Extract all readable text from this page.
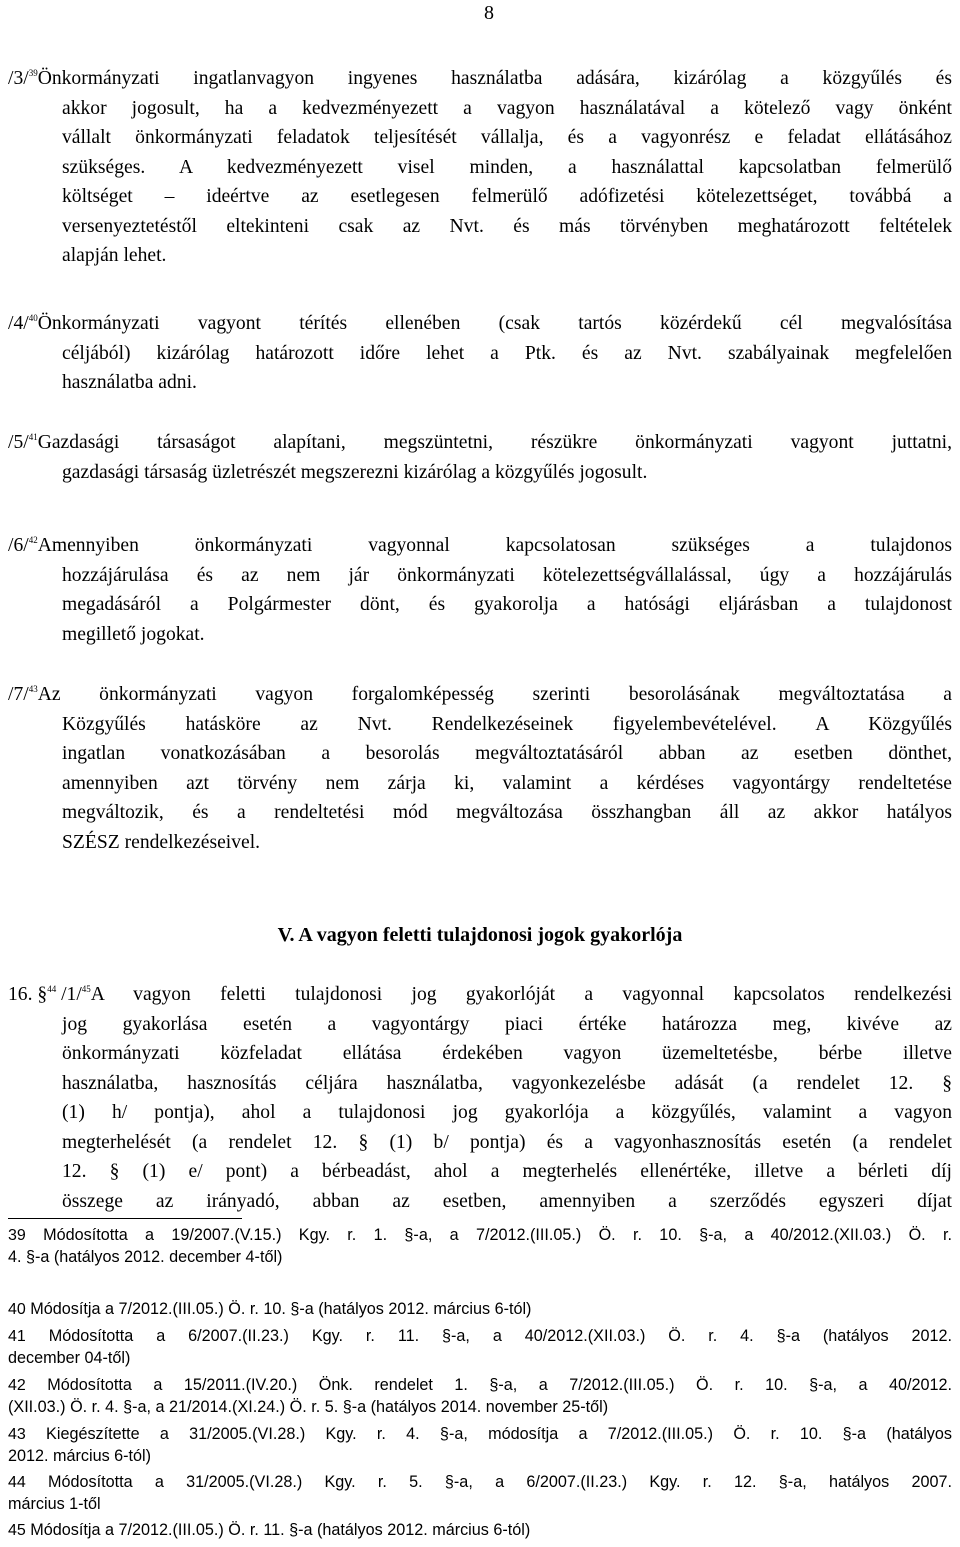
8
/3/$^{39}$ Önkormányzati ingatlanvagyon ingyenes használatba adására, kizárólag a közgyűlés és
akkor jogosult, ha a kedvezményezett a vagyon használatával a kötelező vagy önként
vállalt önkormányzati feladatok teljesítését vállalja, és a vagyonrész e feladat ellátásához
szükséges. A kedvezményezett visel minden, a használattal kapcsolatban felmerülő
költséget – ideértve az esetlegesen felmerülő adófizetési kötelezettséget, továbbá a
versenyeztetéstől eltekinteni csak az Nvt. és más törvényben meghatározott feltételek
alapján lehet.
/4/$^{40}$ Önkormányzati vagyont térítés ellenében (csak tartós közérdekű cél megvalósítása
céljából) kizárólag határozott időre lehet a Ptk. és az Nvt. szabályainak megfelelően
használatba adni.
/5/$^{41}$ Gazdasági társaságot alapítani, megszüntetni, részükre önkormányzati vagyont juttatni,
gazdasági társaság üzletrészét megszerezni kizárólag a közgyűlés jogosult.
/6/$^{42}$ Amennyiben önkormányzati vagyonnal kapcsolatosan szükséges a tulajdonos
hozzájárulása és az nem jár önkormányzati kötelezettségvállalással, úgy a hozzájárulás
megadásáról a Polgármester dönt, és gyakorolja a hatósági eljárásban a tulajdonost
megillető jogokat.
/7/$^{43}$ Az önkormányzati vagyon forgalomképesség szerinti besorolásának megváltoztatása a
Közgyűlés hatásköre az Nvt. Rendelkezéseinek figyelembevételével. A Közgyűlés
ingatlan vonatkozásában a besorolás megváltoztatásáról abban az esetben dönthet,
amennyiben azt törvény nem zárja ki, valamint a kérdéses vagyontárgy rendeltetése
megváltozik, és a rendeltetési mód megváltozása összhangban áll az akkor hatályos
SZÉSZ rendelkezéseivel.
V. A vagyon feletti tulajdonosi jogok gyakorlója
16. §$^{44}$ /1/$^{45}$ A vagyon feletti tulajdonosi jog gyakorlóját a vagyonnal kapcsolatos rendelkezési
jog gyakorlása esetén a vagyontárgy piaci értéke határozza meg, kivéve az
önkormányzati közfeladat ellátása érdekében vagyon üzemeltetésbe, bérbe illetve
használatba, hasznosítás céljára használatba, vagyonkezelésbe adását (a rendelet 12. §
(1) h/ pontja), ahol a tulajdonosi jog gyakorlója a közgyűlés, valamint a vagyon
megterhelését (a rendelet 12. § (1) b/ pontja) és a vagyonhasznosítás esetén (a rendelet
12. § (1) e/ pont) a bérbeadást, ahol a megterhelés ellenértéke, illetve a bérleti díj
összege az irányadó, abban az esetben, amennyiben a szerződés egyszeri díjat
39 Módosította a 19/2007.(V.15.) Kgy. r. 1. §-a, a 7/2012.(III.05.) Ö. r. 10. §-a, a 40/2012.(XII.03.) Ö. r.
4. §-a (hatályos 2012. december 4-től)
40 Módosítja a 7/2012.(III.05.) Ö. r. 10. §-a (hatályos 2012. március 6-tól)
41 Módosította a 6/2007.(II.23.) Kgy. r. 11. §-a, a 40/2012.(XII.03.) Ö. r. 4. §-a (hatályos 2012.
december 04-től)
42 Módosította a 15/2011.(IV.20.) Önk. rendelet 1. §-a, a 7/2012.(III.05.) Ö. r. 10. §-a, a 40/2012.
(XII.03.) Ö. r. 4. §-a, a 21/2014.(XI.24.) Ö. r. 5. §-a (hatályos 2014. november 25-től)
43 Kiegészítette a 31/2005.(VI.28.) Kgy. r. 4. §-a, módosítja a 7/2012.(III.05.) Ö. r. 10. §-a (hatályos
2012. március 6-tól)
44 Módosította a 31/2005.(VI.28.) Kgy. r. 5. §-a, a 6/2007.(II.23.) Kgy. r. 12. §-a, hatályos 2007.
március 1-től
45 Módosítja a 7/2012.(III.05.) Ö. r. 11. §-a (hatályos 2012. március 6-tól)
